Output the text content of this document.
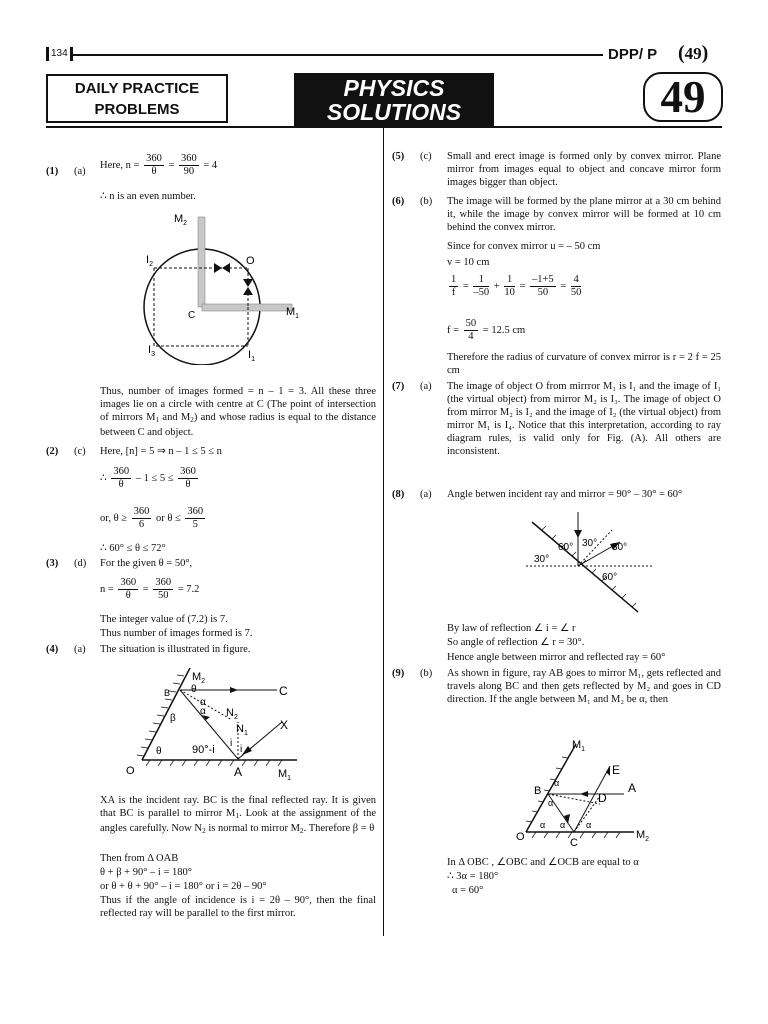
134	DPP/ P (49)
DAILY PRACTICE
PROBLEMS
PHYSICS
SOLUTIONS	49
(1) (a)
Here, $n = \frac{360}{\theta} = \frac{360}{90} = 4$
∴ n is an even number.
$M_2$
$M_1$
$I_2$	O
C
$I_3$	$I_1$
Thus, number of images formed = n – 1 = 3. All these three images lie on a circle with centre at C (The point of intersection of mirrors $M_1$ and $M_2$) and whose radius is equal to the distance between C and object.
(2) (c) Here, [n] = 5 ⇒ n – 1 ≤ 5 ≤ n
∴ $\frac{360}{\theta} - 1 \le 5 \le \frac{360}{\theta}$
or, $\theta \ge \frac{360}{6}$ or $\theta \le \frac{360}{5}$
∴ 60° ≤ θ ≤ 72°
(3) (d) For the given θ = 50°,
$n = \frac{360}{\theta} = \frac{360}{50} = 7.2$
The integer value of (7.2) is 7.
Thus number of images formed is 7.
(4) (a) The situation is illustrated in figure.
$M_2$
B	C
θ
α
α
β	$N_2$
$N_1$
X
θ	90°-i
i
i
O	A	$M_1$
XA is the incident ray. BC is the final reflected ray. It is given that BC is parallel to mirror $M_1$. Look at the assignment of the angles carefully. Now $N_2$ is normal to mirror $M_2$. Therefore β = θ
Then from Δ OAB
θ + β + 90° – i = 180°
or θ + θ + 90° – i = 180° or i = 2θ – 90°
Thus if the angle of incidence is i = 2θ – 90°, then the final reflected ray will be parallel to the first mirror.
(5) (c) Small and erect image is formed only by convex mirror. Plane mirror from images equal to object and concave mirror form images bigger than object.
(6) (b) The image will be formed by the plane mirror at a 30 cm behind it, while the image by convex mirror will be formed at 10 cm behind the convex mirror.
Since for convex mirror u = – 50 cm
v = 10 cm
$\frac{1}{f} = \frac{1}{-50} + \frac{1}{10} = \frac{-1+5}{50} = \frac{4}{50}$
$f = \frac{50}{4} = 12.5$ cm
Therefore the radius of curvature of convex mirror is r = 2 f = 25 cm
(7) (a) The image of object O from mirrror M₁ is I₁ and the image of I₁ (the virtual object) from mirror M₂ is I₃. The image of object O from mirror M₂ is I₂ and the image of I₂ (the virtual object) from mirror M₁ is I₄. Notice that this interpretation, according to ray diagram rules, is valid only for Fig. (A). All others are inconsistent.
(8) (a) Angle betwen incident ray and mirror = 90° – 30° = 60°
60° 30° 30°
30°
60°
By law of reflection ∠ i = ∠ r
So angle of reflection ∠ r = 30°.
Hence angle between mirror and reflected ray = 60°
(9) (b) As shown in figure, ray AB goes to mirror M₁, gets reflected and travels along BC and then gets reflected by M₂ and goes in CD direction. If the angle between M₁ and M₂ be α, then
$M_1$
E
A
B	D
α
α
α α α
C
O	$M_2$
In Δ OBC , ∠OBC and ∠OCB are equal to α
∴ 3α = 180°
α = 60°
